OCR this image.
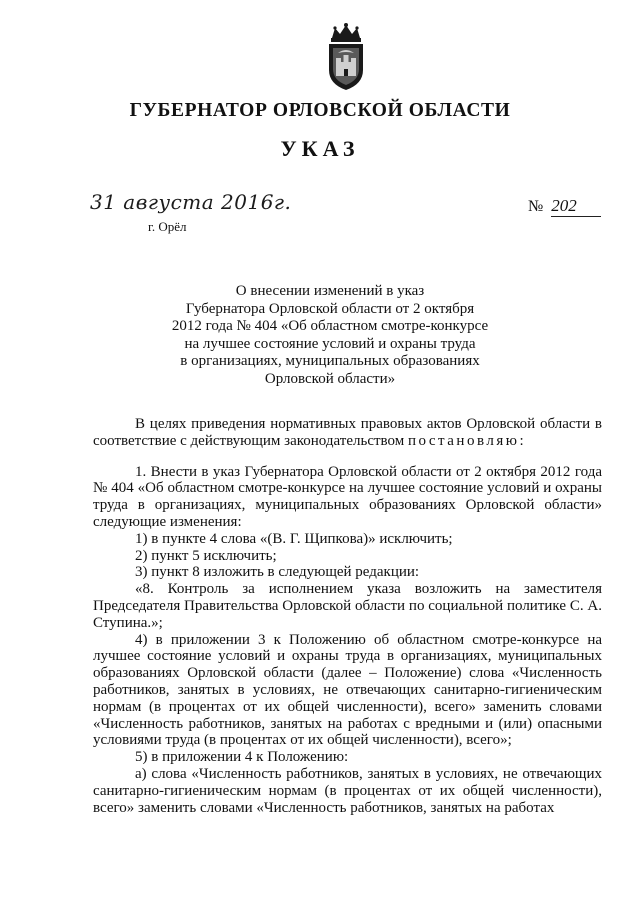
ГУБЕРНАТОР ОРЛОВСКОЙ ОБЛАСТИ
УКАЗ
31 августа 2016г.
г. Орёл
№ 202
О внесении изменений в указ
Губернатора Орловской области от 2 октября
2012 года № 404 «Об областном смотре-конкурсе
на лучшее состояние условий и охраны труда
в организациях, муниципальных образованиях
Орловской области»

В целях приведения нормативных правовых актов Орловской области в соответствие с действующим законодательством постановляю:

1. Внести в указ Губернатора Орловской области от 2 октября 2012 года № 404 «Об областном смотре-конкурсе на лучшее состояние условий и охраны труда в организациях, муниципальных образованиях Орловской области» следующие изменения:

1) в пункте 4 слова «(В. Г. Щипкова)» исключить;

2) пункт 5 исключить;

3) пункт 8 изложить в следующей редакции:

«8. Контроль за исполнением указа возложить на заместителя Председателя Правительства Орловской области по социальной политике С. А. Ступина.»;

4) в приложении 3 к Положению об областном смотре-конкурсе на лучшее состояние условий и охраны труда в организациях, муниципальных образованиях Орловской области (далее – Положение) слова «Численность работников, занятых в условиях, не отвечающих санитарно-гигиеническим нормам (в процентах от их общей численности), всего» заменить словами «Численность работников, занятых на работах с вредными и (или) опасными условиями труда (в процентах от их общей численности), всего»;

5) в приложении 4 к Положению:

а) слова «Численность работников, занятых в условиях, не отвечающих санитарно-гигиеническим нормам (в процентах от их общей численности), всего» заменить словами «Численность работников, занятых на работах
